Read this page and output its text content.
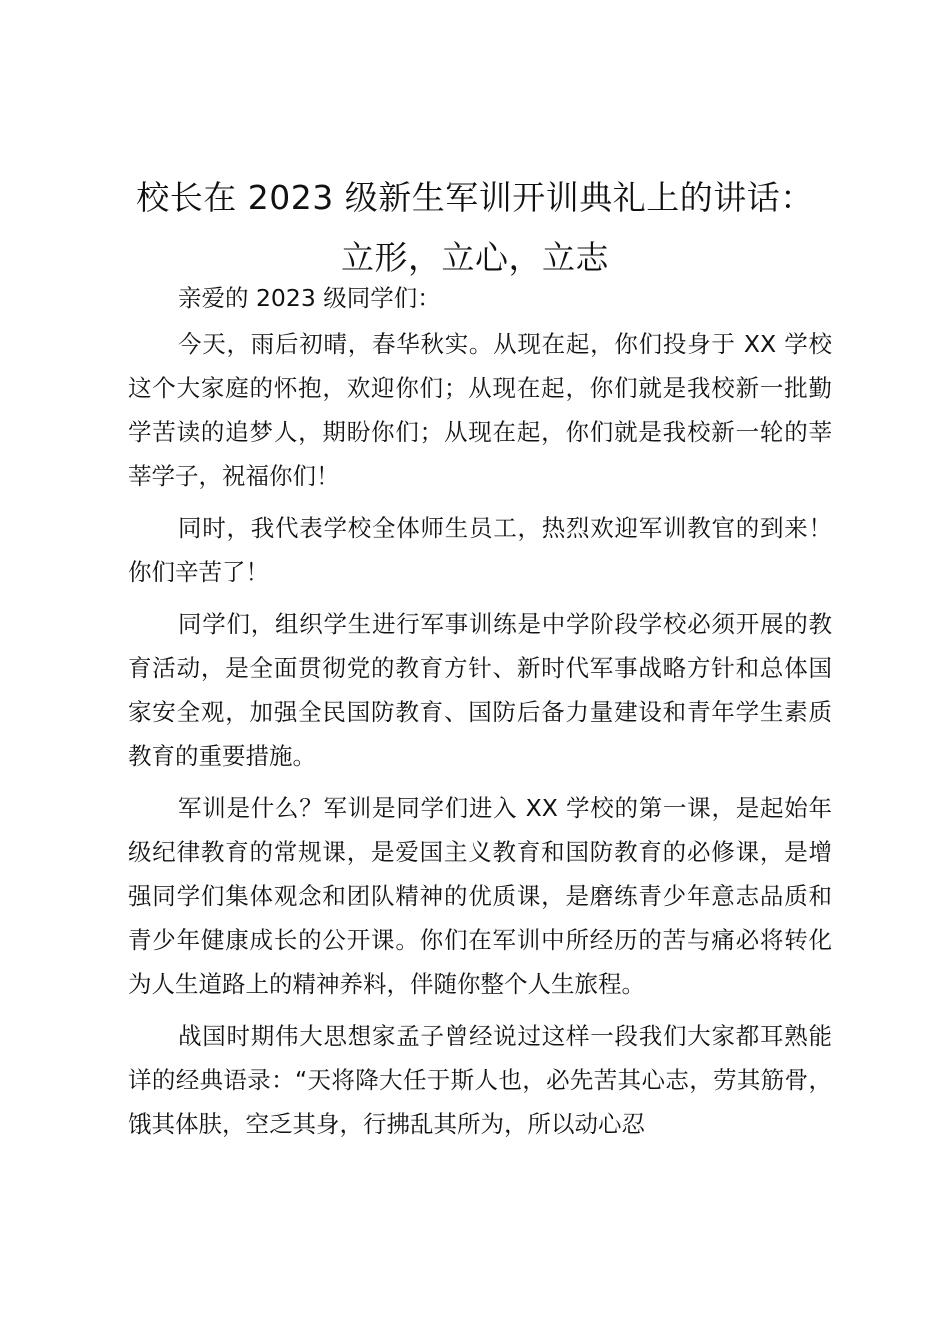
校长在 2023 级新生军训开训典礼上的讲话：
立形，立心，立志

亲爱的 2023 级同学们：

今天，雨后初晴，春华秋实。从现在起，你们投身于 XX 学校这个大家庭的怀抱，欢迎你们；从现在起，你们就是我校新一批勤学苦读的追梦人，期盼你们；从现在起，你们就是我校新一轮的莘莘学子，祝福你们！

同时，我代表学校全体师生员工，热烈欢迎军训教官的到来！你们辛苦了！

同学们，组织学生进行军事训练是中学阶段学校必须开展的教育活动，是全面贯彻党的教育方针、新时代军事战略方针和总体国家安全观，加强全民国防教育、国防后备力量建设和青年学生素质教育的重要措施。

军训是什么？军训是同学们进入 XX 学校的第一课，是起始年级纪律教育的常规课，是爱国主义教育和国防教育的必修课，是增强同学们集体观念和团队精神的优质课，是磨练青少年意志品质和青少年健康成长的公开课。你们在军训中所经历的苦与痛必将转化为人生道路上的精神养料，伴随你整个人生旅程。

战国时期伟大思想家孟子曾经说过这样一段我们大家都耳熟能详的经典语录：“天将降大任于斯人也，必先苦其心志，劳其筋骨，饿其体肤，空乏其身，行拂乱其所为，所以动心忍
